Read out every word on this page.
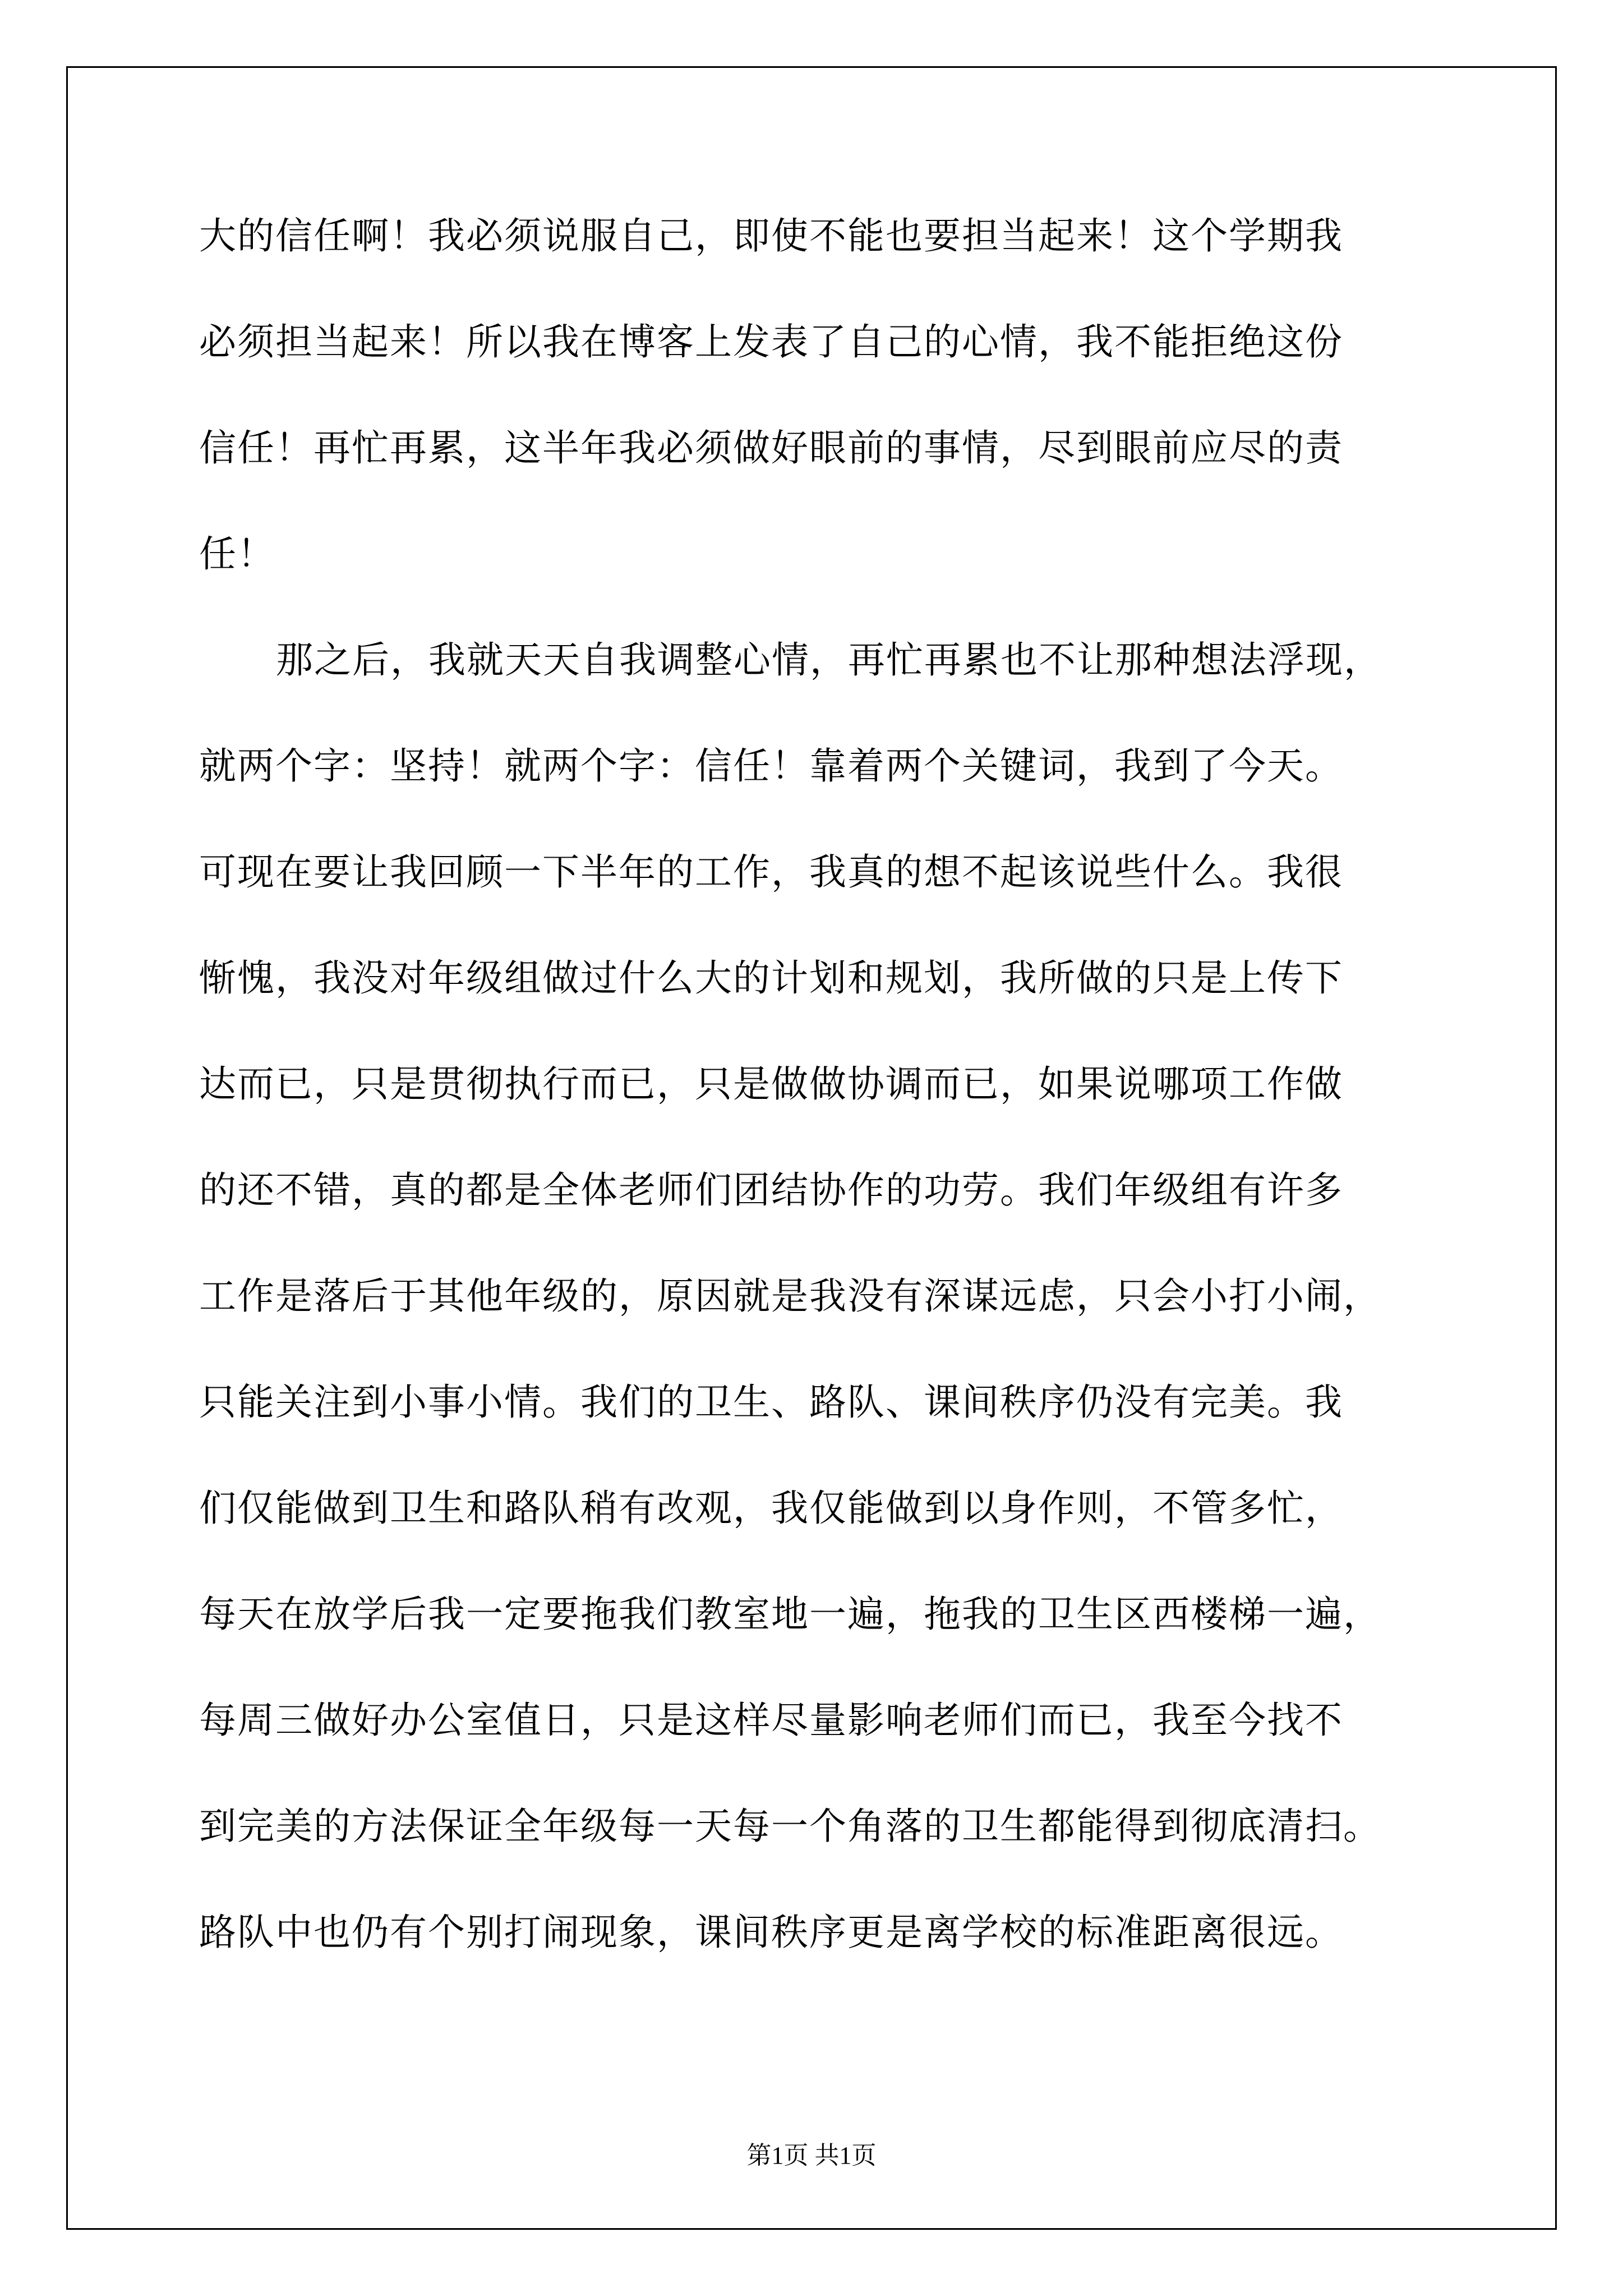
大的信任啊！我必须说服自己，即使不能也要担当起来！这个学期我
必须担当起来！所以我在博客上发表了自己的心情，我不能拒绝这份
信任！再忙再累，这半年我必须做好眼前的事情，尽到眼前应尽的责
任！
那之后，我就天天自我调整心情，再忙再累也不让那种想法浮现，
就两个字：坚持！就两个字：信任！靠着两个关键词，我到了今天。
可现在要让我回顾一下半年的工作，我真的想不起该说些什么。我很
惭愧，我没对年级组做过什么大的计划和规划，我所做的只是上传下
达而已，只是贯彻执行而已，只是做做协调而已，如果说哪项工作做
的还不错，真的都是全体老师们团结协作的功劳。我们年级组有许多
工作是落后于其他年级的，原因就是我没有深谋远虑，只会小打小闹，
只能关注到小事小情。我们的卫生、路队、课间秩序仍没有完美。我
们仅能做到卫生和路队稍有改观，我仅能做到以身作则，不管多忙，
每天在放学后我一定要拖我们教室地一遍，拖我的卫生区西楼梯一遍，
每周三做好办公室值日，只是这样尽量影响老师们而已，我至今找不
到完美的方法保证全年级每一天每一个角落的卫生都能得到彻底清扫。
路队中也仍有个别打闹现象，课间秩序更是离学校的标准距离很远。
第1页 共1页
